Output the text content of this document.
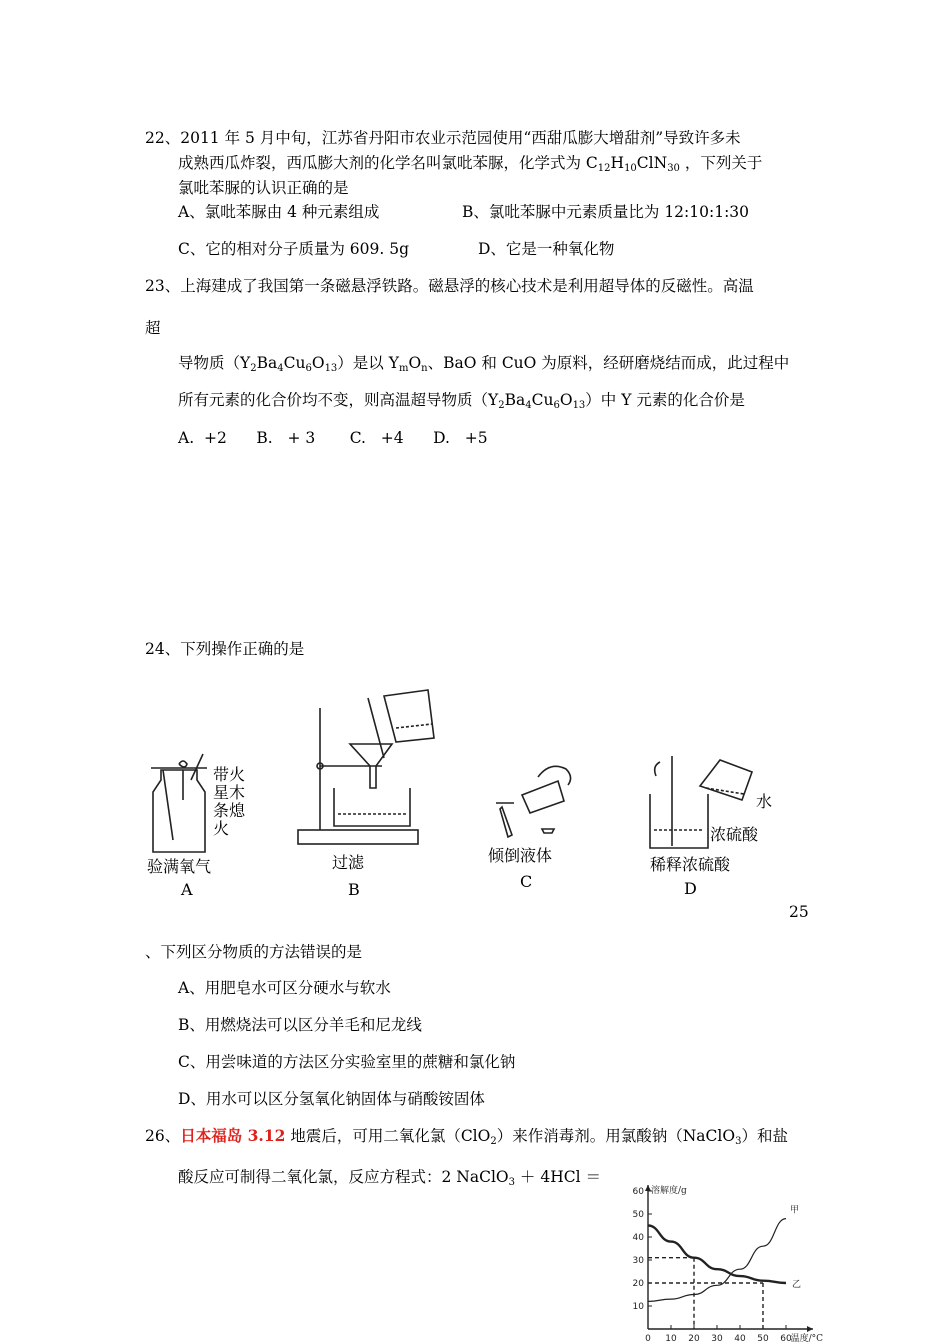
22、2011 年 5 月中旬，江苏省丹阳市农业示范园使用“西甜瓜膨大增甜剂”导致许多未
成熟西瓜炸裂，西瓜膨大剂的化学名叫氯吡苯脲，化学式为 $C_{12}H_{10}ClN_{30}$ ，下列关于
氯吡苯脲的认识正确的是
A、氯吡苯脲由 4 种元素组成	B、氯吡苯脲中元素质量比为 12:10:1:30
C、它的相对分子质量为 609. 5g	D、它是一种氧化物
23、上海建成了我国第一条磁悬浮铁路。磁悬浮的核心技术是利用超导体的反磁性。高温
超
导物质$(Y_2Ba_4Cu_6O_{13})$是以 $Y_mO_n$、BaO 和 CuO 为原料，经研磨烧结而成，此过程中
所有元素的化合价均不变，则高温超导物质$(Y_2Ba_4Cu_6O_{13})$中 Y 元素的化合价是
A.  +2      B.   + 3       C.   +4      D.   +5
24、下列操作正确的是
带火
星木
条熄
火
验满氧气
A
过滤
B
倾倒液体
C
水
浓硫酸
稀释浓硫酸
D
25
、下列区分物质的方法错误的是
A、用肥皂水可区分硬水与软水
B、用燃烧法可以区分羊毛和尼龙线
C、用尝味道的方法区分实验室里的蔗糖和氯化钠
D、用水可以区分氢氧化钠固体与硝酸铵固体
26、日本福岛 3.12 地震后，可用二氧化氯（ClO$_2$）来作消毒剂。用氯酸钠（NaClO$_3$）和盐
酸反应可制得二氧化氯，反应方程式：2 NaClO$_3$ ＋ 4HCl ＝
10
20
30
40
50
60
0 10 20 30 40 50 60
溶解度/g
温度/°C
甲
乙
